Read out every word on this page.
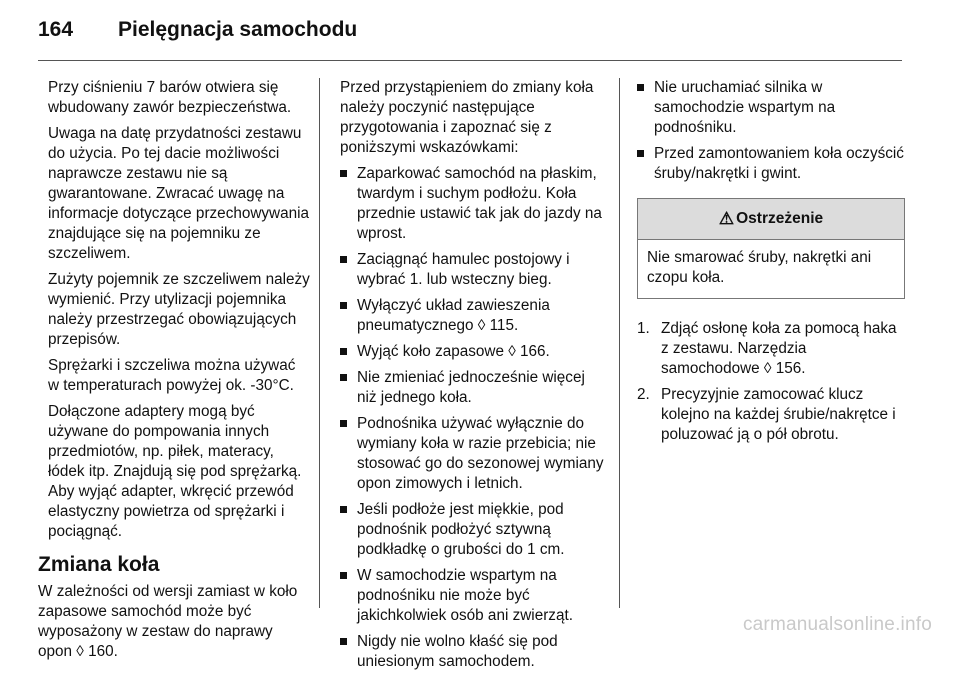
164	Pielęgnacja samochodu

Przy ciśnieniu 7 barów otwiera się wbudowany zawór bezpieczeństwa.

Uwaga na datę przydatności zestawu do użycia. Po tej dacie możliwości naprawcze zestawu nie są gwarantowane. Zwracać uwagę na informacje dotyczące przechowywania znajdujące się na pojemniku ze szczeliwem.

Zużyty pojemnik ze szczeliwem należy wymienić. Przy utylizacji pojemnika należy przestrzegać obowiązujących przepisów.

Sprężarki i szczeliwa można używać w temperaturach powyżej ok. -30°C.

Dołączone adaptery mogą być używane do pompowania innych przedmiotów, np. piłek, materacy, łódek itp. Znajdują się pod sprężarką. Aby wyjąć adapter, wkręcić przewód elastyczny powietrza od sprężarki i pociągnąć.

Zmiana koła

W zależności od wersji zamiast w koło zapasowe samochód może być wyposażony w zestaw do naprawy opon ◊ 160.

Przed przystąpieniem do zmiany koła należy poczynić następujące przygotowania i zapoznać się z poniższymi wskazówkami:

Zaparkować samochód na płaskim, twardym i suchym podłożu. Koła przednie ustawić tak jak do jazdy na wprost.
Zaciągnąć hamulec postojowy i wybrać 1. lub wsteczny bieg.
Wyłączyć układ zawieszenia pneumatycznego ◊ 115.
Wyjąć koło zapasowe ◊ 166.
Nie zmieniać jednocześnie więcej niż jednego koła.
Podnośnika używać wyłącznie do wymiany koła w razie przebicia; nie stosować go do sezonowej wymiany opon zimowych i letnich.
Jeśli podłoże jest miękkie, pod podnośnik podłożyć sztywną podkładkę o grubości do 1 cm.
W samochodzie wspartym na podnośniku nie może być jakichkolwiek osób ani zwierząt.
Nigdy nie wolno kłaść się pod uniesionym samochodem.
Nie uruchamiać silnika w samochodzie wspartym na podnośniku.
Przed zamontowaniem koła oczyścić śruby/nakrętki i gwint.
⚠ Ostrzeżenie
Nie smarować śruby, nakrętki ani czopu koła.
1. Zdjąć osłonę koła za pomocą haka z zestawu. Narzędzia samochodowe ◊ 156.
2. Precyzyjnie zamocować klucz kolejno na każdej śrubie/nakrętce i poluzować ją o pół obrotu.
carmanualsonline.info
